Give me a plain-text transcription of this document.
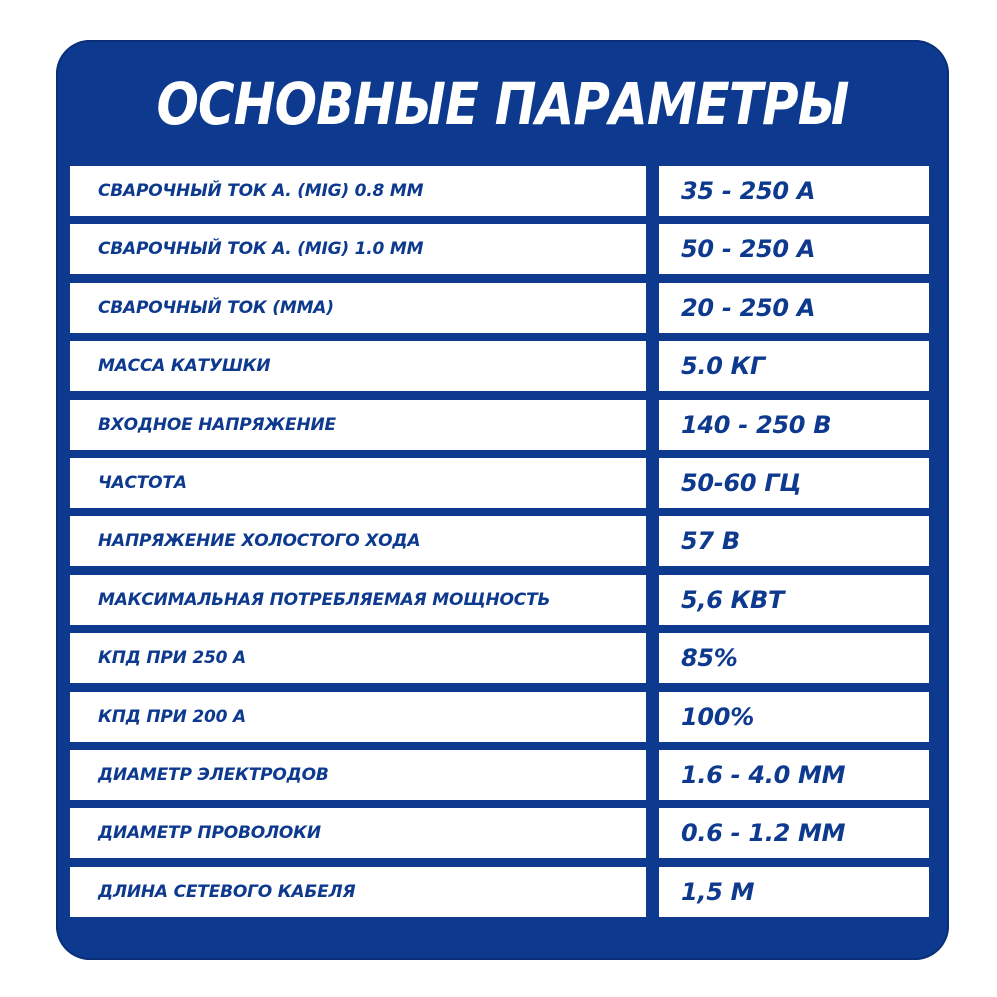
ОСНОВНЫЕ ПАРАМЕТРЫ
СВАРОЧНЫЙ ТОК А. (MIG) 0.8 ММ	35 - 250 А
СВАРОЧНЫЙ ТОК А. (MIG) 1.0 ММ	50 - 250 А
СВАРОЧНЫЙ ТОК (ММА)	20 - 250 А
МАССА КАТУШКИ	5.0 КГ
ВХОДНОЕ НАПРЯЖЕНИЕ	140 - 250 В
ЧАСТОТА	50-60 ГЦ
НАПРЯЖЕНИЕ ХОЛОСТОГО ХОДА	57 В
МАКСИМАЛЬНАЯ ПОТРЕБЛЯЕМАЯ МОЩНОСТЬ	5,6 КВТ
КПД ПРИ 250 А	85%
КПД ПРИ 200 А	100%
ДИАМЕТР ЭЛЕКТРОДОВ	1.6 - 4.0 ММ
ДИАМЕТР ПРОВОЛОКИ	0.6 - 1.2 ММ
ДЛИНА СЕТЕВОГО КАБЕЛЯ	1,5 М
